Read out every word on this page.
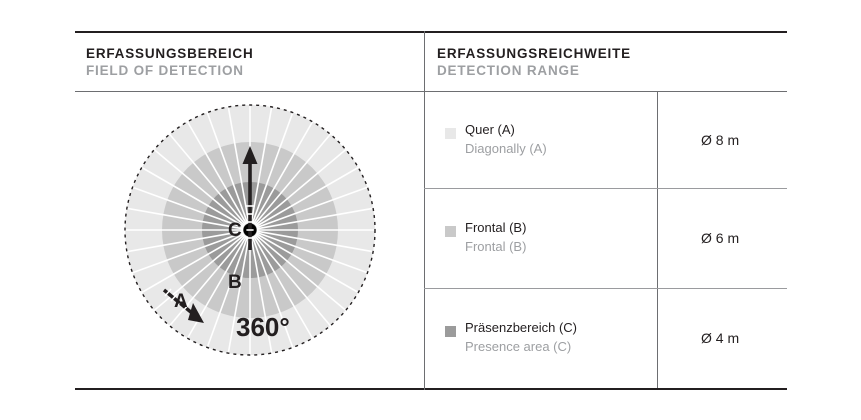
ERFASSUNGSBEREICH
FIELD OF DETECTION
ERFASSUNGSREICHWEITE
DETECTION RANGE
Quer (A)
Diagonally (A)
Ø 8 m
Frontal (B)
Frontal (B)
Ø 6 m
Präsenzbereich (C)
Presence area (C)
Ø 4 m
A
B
C
360°
